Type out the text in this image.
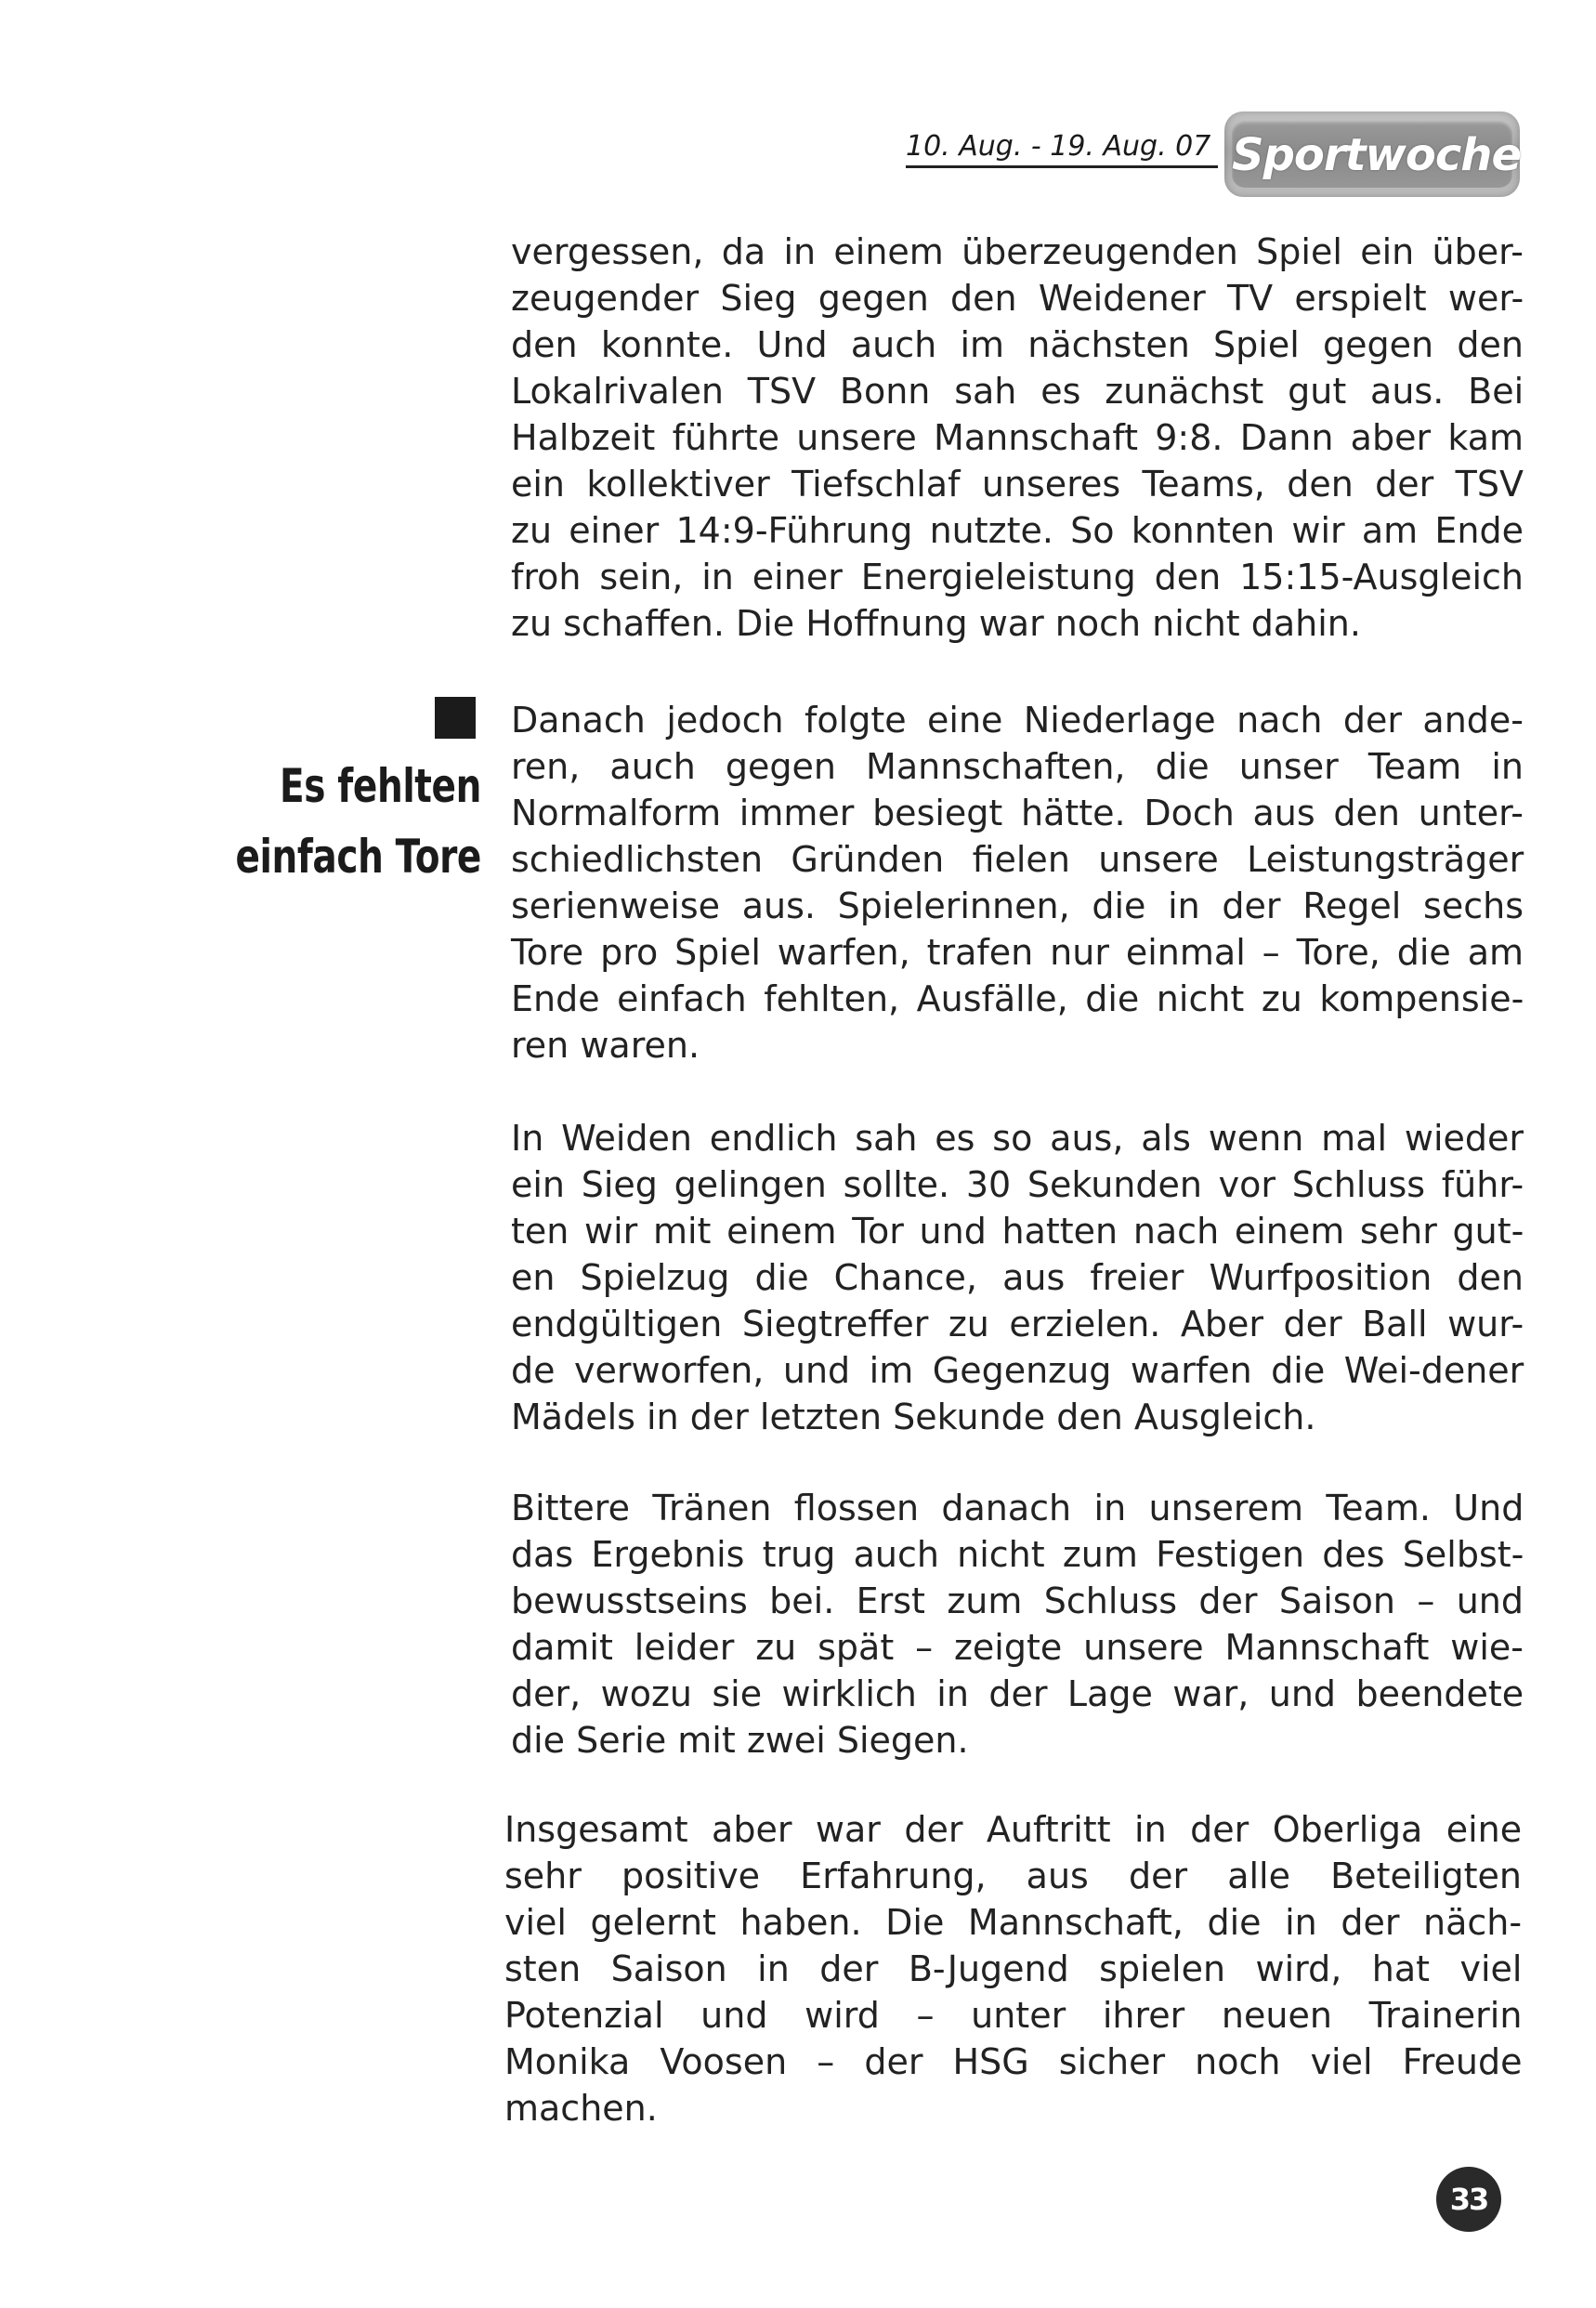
10. Aug. - 19. Aug. 07 Sportwoche
Es fehlten
einfach Tore
vergessen, da in einem überzeugenden Spiel ein über-
zeugender Sieg gegen den Weidener TV erspielt wer-
den konnte. Und auch im nächsten Spiel gegen den
Lokalrivalen TSV Bonn sah es zunächst gut aus. Bei
Halbzeit führte unsere Mannschaft 9:8. Dann aber kam
ein kollektiver Tiefschlaf unseres Teams, den der TSV
zu einer 14:9-Führung nutzte. So konnten wir am Ende
froh sein, in einer Energieleistung den 15:15-Ausgleich
zu schaffen. Die Hoffnung war noch nicht dahin.
Danach jedoch folgte eine Niederlage nach der ande-
ren, auch gegen Mannschaften, die unser Team in
Normalform immer besiegt hätte. Doch aus den unter-
schiedlichsten Gründen fielen unsere Leistungsträger
serienweise aus. Spielerinnen, die in der Regel sechs
Tore pro Spiel warfen, trafen nur einmal – Tore, die am
Ende einfach fehlten, Ausfälle, die nicht zu kompensie-
ren waren.
In Weiden endlich sah es so aus, als wenn mal wieder
ein Sieg gelingen sollte. 30 Sekunden vor Schluss führ-
ten wir mit einem Tor und hatten nach einem sehr gut-
en Spielzug die Chance, aus freier Wurfposition den
endgültigen Siegtreffer zu erzielen. Aber der Ball wur-
de verworfen, und im Gegenzug warfen die Wei-dener
Mädels in der letzten Sekunde den Ausgleich.
Bittere Tränen flossen danach in unserem Team. Und
das Ergebnis trug auch nicht zum Festigen des Selbst-
bewusstseins bei. Erst zum Schluss der Saison – und
damit leider zu spät – zeigte unsere Mannschaft wie-
der, wozu sie wirklich in der Lage war, und beendete
die Serie mit zwei Siegen.
Insgesamt aber war der Auftritt in der Oberliga eine
sehr positive Erfahrung, aus der alle Beteiligten
viel gelernt haben. Die Mannschaft, die in der näch-
sten Saison in der B-Jugend spielen wird, hat viel
Potenzial und wird – unter ihrer neuen Trainerin
Monika Voosen – der HSG sicher noch viel Freude
machen.
33
